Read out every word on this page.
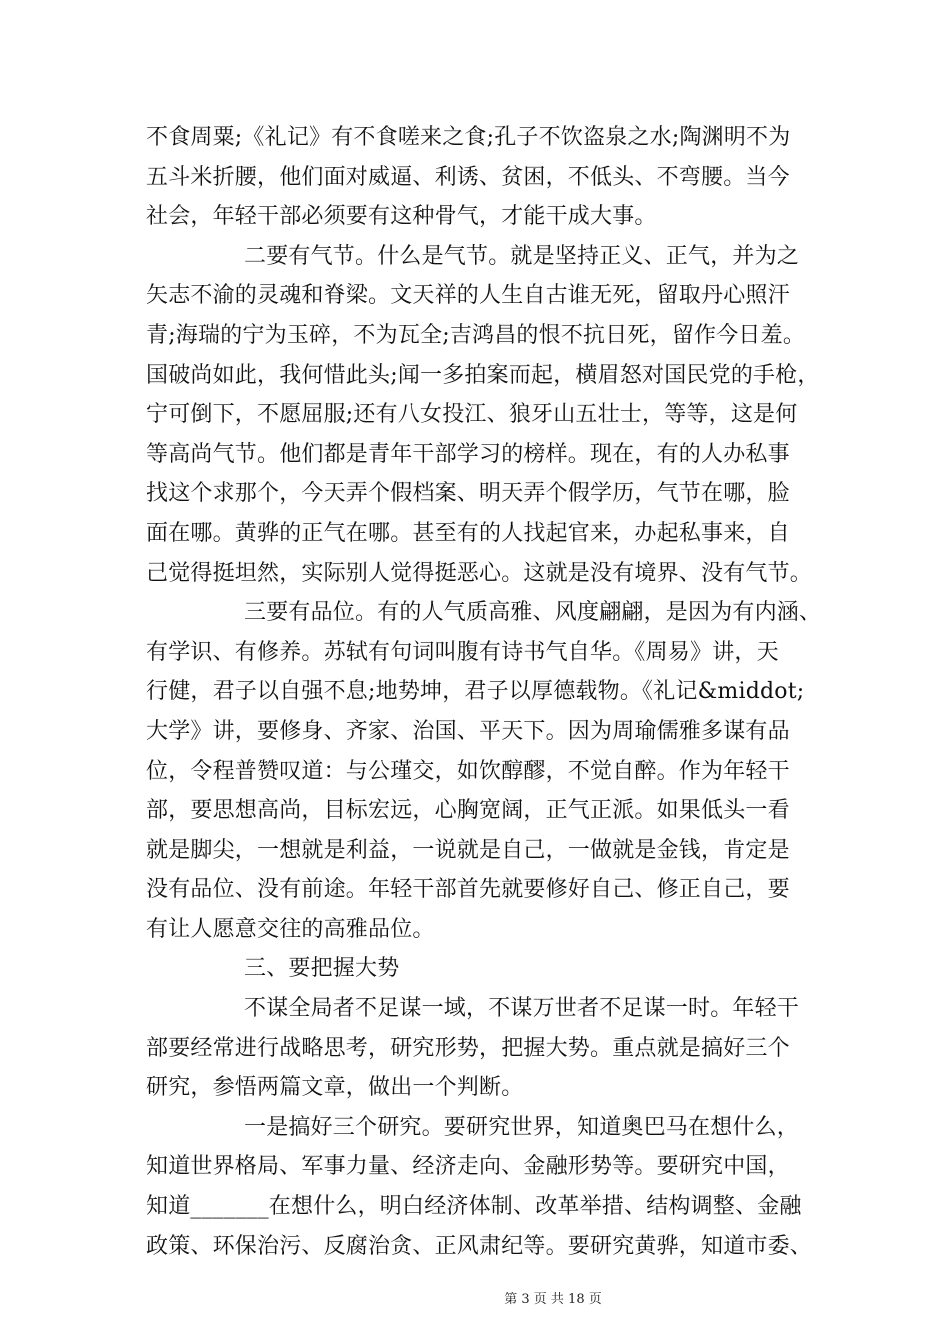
不食周粟;《礼记》有不食嗟来之食;孔子不饮盗泉之水;陶渊明不为
五斗米折腰，他们面对威逼、利诱、贫困，不低头、不弯腰。当今
社会，年轻干部必须要有这种骨气，才能干成大事。
二要有气节。什么是气节。就是坚持正义、正气，并为之
矢志不渝的灵魂和脊梁。文天祥的人生自古谁无死，留取丹心照汗
青;海瑞的宁为玉碎，不为瓦全;吉鸿昌的恨不抗日死，留作今日羞。
国破尚如此，我何惜此头;闻一多拍案而起，横眉怒对国民党的手枪，
宁可倒下，不愿屈服;还有八女投江、狼牙山五壮士，等等，这是何
等高尚气节。他们都是青年干部学习的榜样。现在，有的人办私事
找这个求那个，今天弄个假档案、明天弄个假学历，气节在哪，脸
面在哪。黄骅的正气在哪。甚至有的人找起官来，办起私事来，自
己觉得挺坦然，实际别人觉得挺恶心。这就是没有境界、没有气节。
三要有品位。有的人气质高雅、风度翩翩，是因为有内涵、
有学识、有修养。苏轼有句词叫腹有诗书气自华。《周易》讲，天
行健，君子以自强不息;地势坤，君子以厚德载物。《礼记&middot;
大学》讲，要修身、齐家、治国、平天下。因为周瑜儒雅多谋有品
位，令程普赞叹道：与公瑾交，如饮醇醪，不觉自醉。作为年轻干
部，要思想高尚，目标宏远，心胸宽阔，正气正派。如果低头一看
就是脚尖，一想就是利益，一说就是自己，一做就是金钱，肯定是
没有品位、没有前途。年轻干部首先就要修好自己、修正自己，要
有让人愿意交往的高雅品位。
三、要把握大势
不谋全局者不足谋一域，不谋万世者不足谋一时。年轻干
部要经常进行战略思考，研究形势，把握大势。重点就是搞好三个
研究，参悟两篇文章，做出一个判断。
一是搞好三个研究。要研究世界，知道奥巴马在想什么，
知道世界格局、军事力量、经济走向、金融形势等。要研究中国，
知道_______在想什么，明白经济体制、改革举措、结构调整、金融
政策、环保治污、反腐治贪、正风肃纪等。要研究黄骅，知道市委、
第 3 页 共 18 页
